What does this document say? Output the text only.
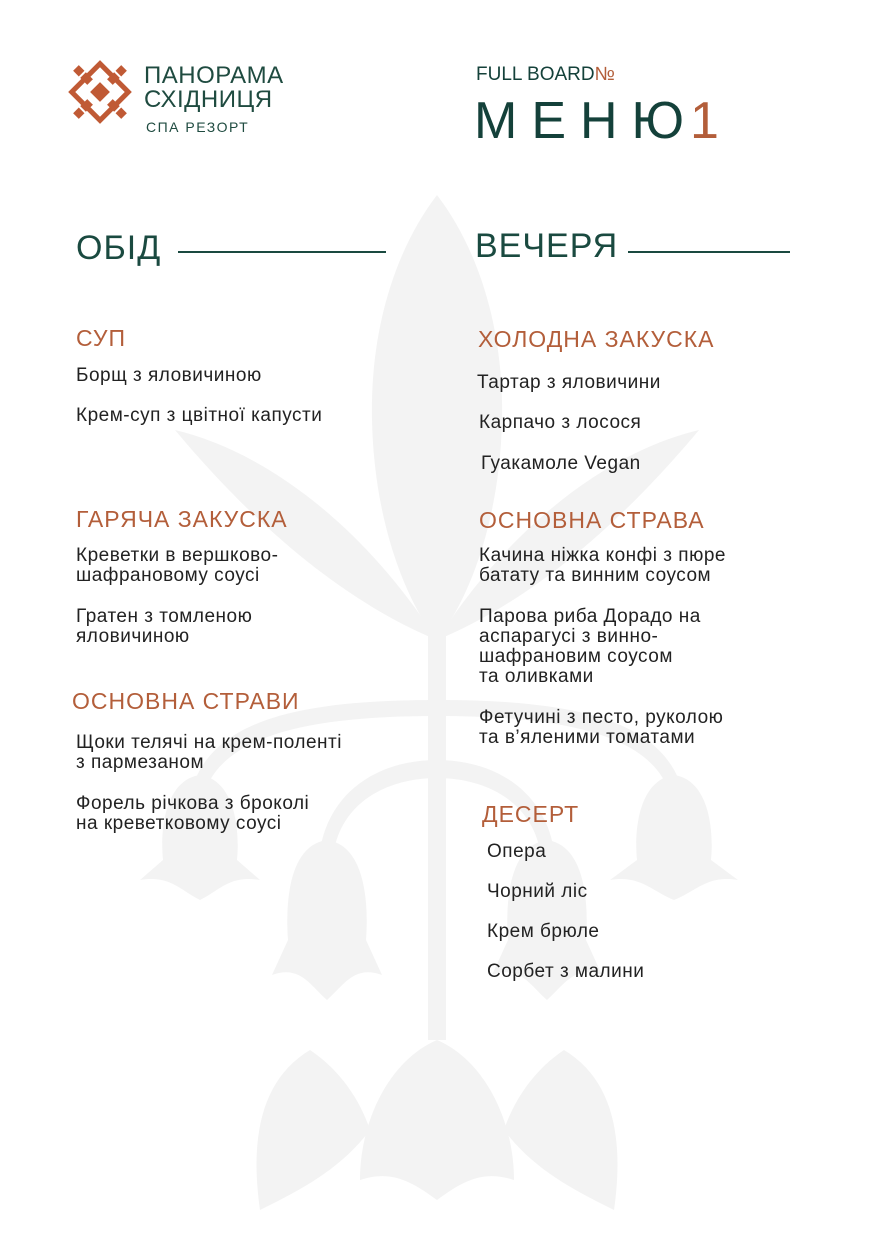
ПАНОРАМА
СХІДНИЦЯ
СПА РЕЗОРТ
FULL BOARD№
МЕНЮ
1
ОБІД
СУП
Борщ з яловичиною
Крем-суп з цвітної капусти
ГАРЯЧА ЗАКУСКА
Креветки в вершково-
шафрановому соусі
Гратен з томленою
яловичиною
ОСНОВНА СТРАВИ
Щоки телячі на крем-поленті
з пармезаном
Форель річкова з броколі
на креветковому соусі
ВЕЧЕРЯ
ХОЛОДНА ЗАКУСКА
Тартар з яловичини
Карпачо з лосося
Гуакамоле Vegan
ОСНОВНА СТРАВА
Качина ніжка конфі з пюре
батату та винним соусом
Парова риба Дорадо на
аспарагусі з винно-
шафрановим соусом
та оливками
Фетучині з песто, руколою
та в’яленими томатами
ДЕСЕРТ
Опера
Чорний ліс
Крем брюле
Сорбет з малини
